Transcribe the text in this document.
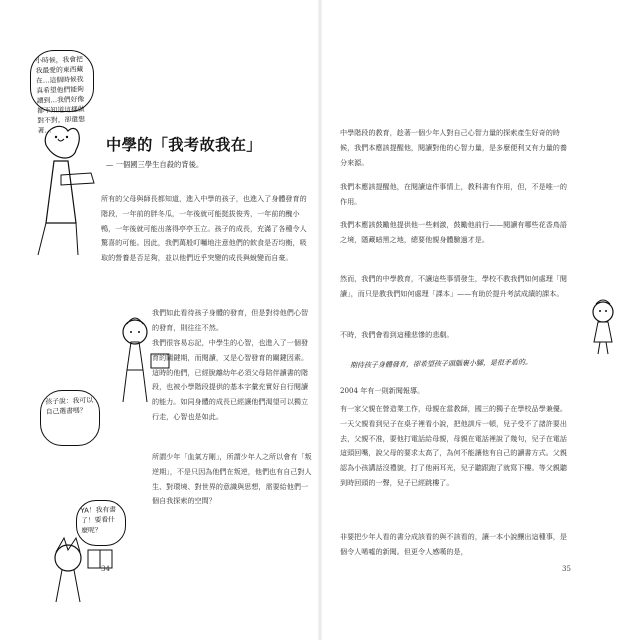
小時候，我會把我最愛的東西藏在…這個時候我真希望他們能夠讀到…我們好像都不知道這樣做對不對，卻還想著…
孩子說：我可以自己選書嗎？
YA！我有書了！要看什麼呢？
中學的「我考故我在」
— 一個國三學生自殺的背後。
所有的父母與師長都知道，進入中學的孩子，也進入了身體發育的階段，一年前的胖冬瓜，一年後就可能挺拔俊秀，一年前的醜小鴨，一年後就可能出落得亭亭玉立。孩子的成長，充滿了各種令人驚喜的可能。因此，我們萬般叮囑地注意他們的飲食是否均衡，吸取的營養是否足夠，並以他們近乎突變的成長與蛻變而自豪。
我們如此看待孩子身體的發育，但是對待他們心智的發育，則往往不然。
我們很容易忘記，中學生的心智，也進入了一個發育的關鍵期，而閱讀，又是心智發育的關鍵因素。這時的他們，已經脫離幼年必須父母陪伴讀書的階段，也被小學階段提供的基本字彙充實好自行閱讀的能力。如同身體的成長已經讓他們渴望可以獨立行走，心智也是如此。
所謂少年「血氣方剛」，所謂少年人之所以會有「叛逆期」，不是只因為他們在叛逆，他們也有自己對人生、對環境、對世界的意識與思想，需要給他們一個自我探索的空間？
34
中學階段的教育，趁著一個少年人對自己心智力量的探索產生好奇的時候，我們本應該提醒他，閱讀對他的心智力量，是多麼便利又有力量的養分來源。
我們本應該提醒他，在閱讀這件事情上，教科書有作用，但，不是唯一的作用。
我們本應該鼓勵他提供他一些刺激，鼓勵他前行——閱讀有哪些花香鳥語之境，隱藏暗黑之地，總要他親身體驗過才是。
然而，我們的中學教育，不讓這些事情發生，學校不教我們如何處理「閱讀」，而只是教我們如何處理「課本」——有助於提升考試成績的課本。
不時，我們會看到這種悲慘的悲劇。
期待孩子身體發育，卻希望孩子頭腦裹小腳，是很矛盾的。
2004 年有一則新聞報導。
有一家父親在營造業工作，母親在當教師，國三的獨子在學校品學兼優。一天父親看到兒子在桌子裡看小說，把他訓斥一頓，兒子受不了諸許要出去，父親不准，要他打電話給母親，母親在電話裡說了幾句，兒子在電話這頭回嘴，說父母的要求太高了，為何不能讓他有自己的讀書方式。父親認為小孩講話沒禮貌，打了他兩耳光，兒子聽跟跑了就寫下樓。等父親聽到時回頭的一聲，兒子已經跳樓了。
非要把少年人看的書分成該看的與不該看的，讓一本小說釀出這種事，是個令人唏噓的新聞。但更令人感嘆的是，
35
